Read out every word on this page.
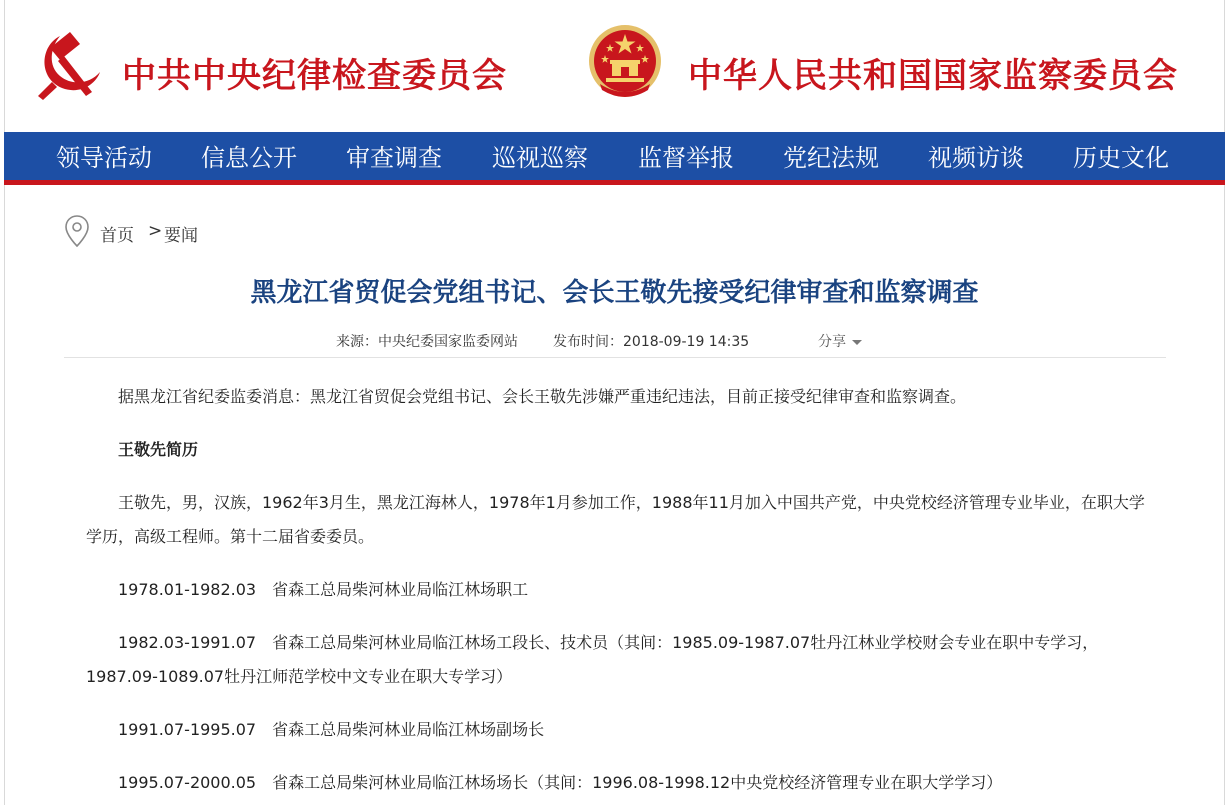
中共中央纪律检查委员会	中华人民共和国国家监察委员会
领导活动 信息公开 审查调查 巡视巡察 监督举报 党纪法规 视频访谈 历史文化
首页 > 要闻
黑龙江省贸促会党组书记、会长王敬先接受纪律审查和监察调查
来源：中央纪委国家监委网站	发布时间：2018-09-19 14:35	分享

据黑龙江省纪委监委消息：黑龙江省贸促会党组书记、会长王敬先涉嫌严重违纪违法，目前正接受纪律审查和监察调查。

王敬先简历

王敬先，男，汉族，1962年3月生，黑龙江海林人，1978年1月参加工作，1988年11月加入中国共产党，中央党校经济管理专业毕业，在职大学学历，高级工程师。第十二届省委委员。

1978.01-1982.03　省森工总局柴河林业局临江林场职工

1982.03-1991.07　省森工总局柴河林业局临江林场工段长、技术员（其间：1985.09-1987.07牡丹江林业学校财会专业在职中专学习，1987.09-1089.07牡丹江师范学校中文专业在职大专学习）

1991.07-1995.07　省森工总局柴河林业局临江林场副场长

1995.07-2000.05　省森工总局柴河林业局临江林场场长（其间：1996.08-1998.12中央党校经济管理专业在职大学学习）
